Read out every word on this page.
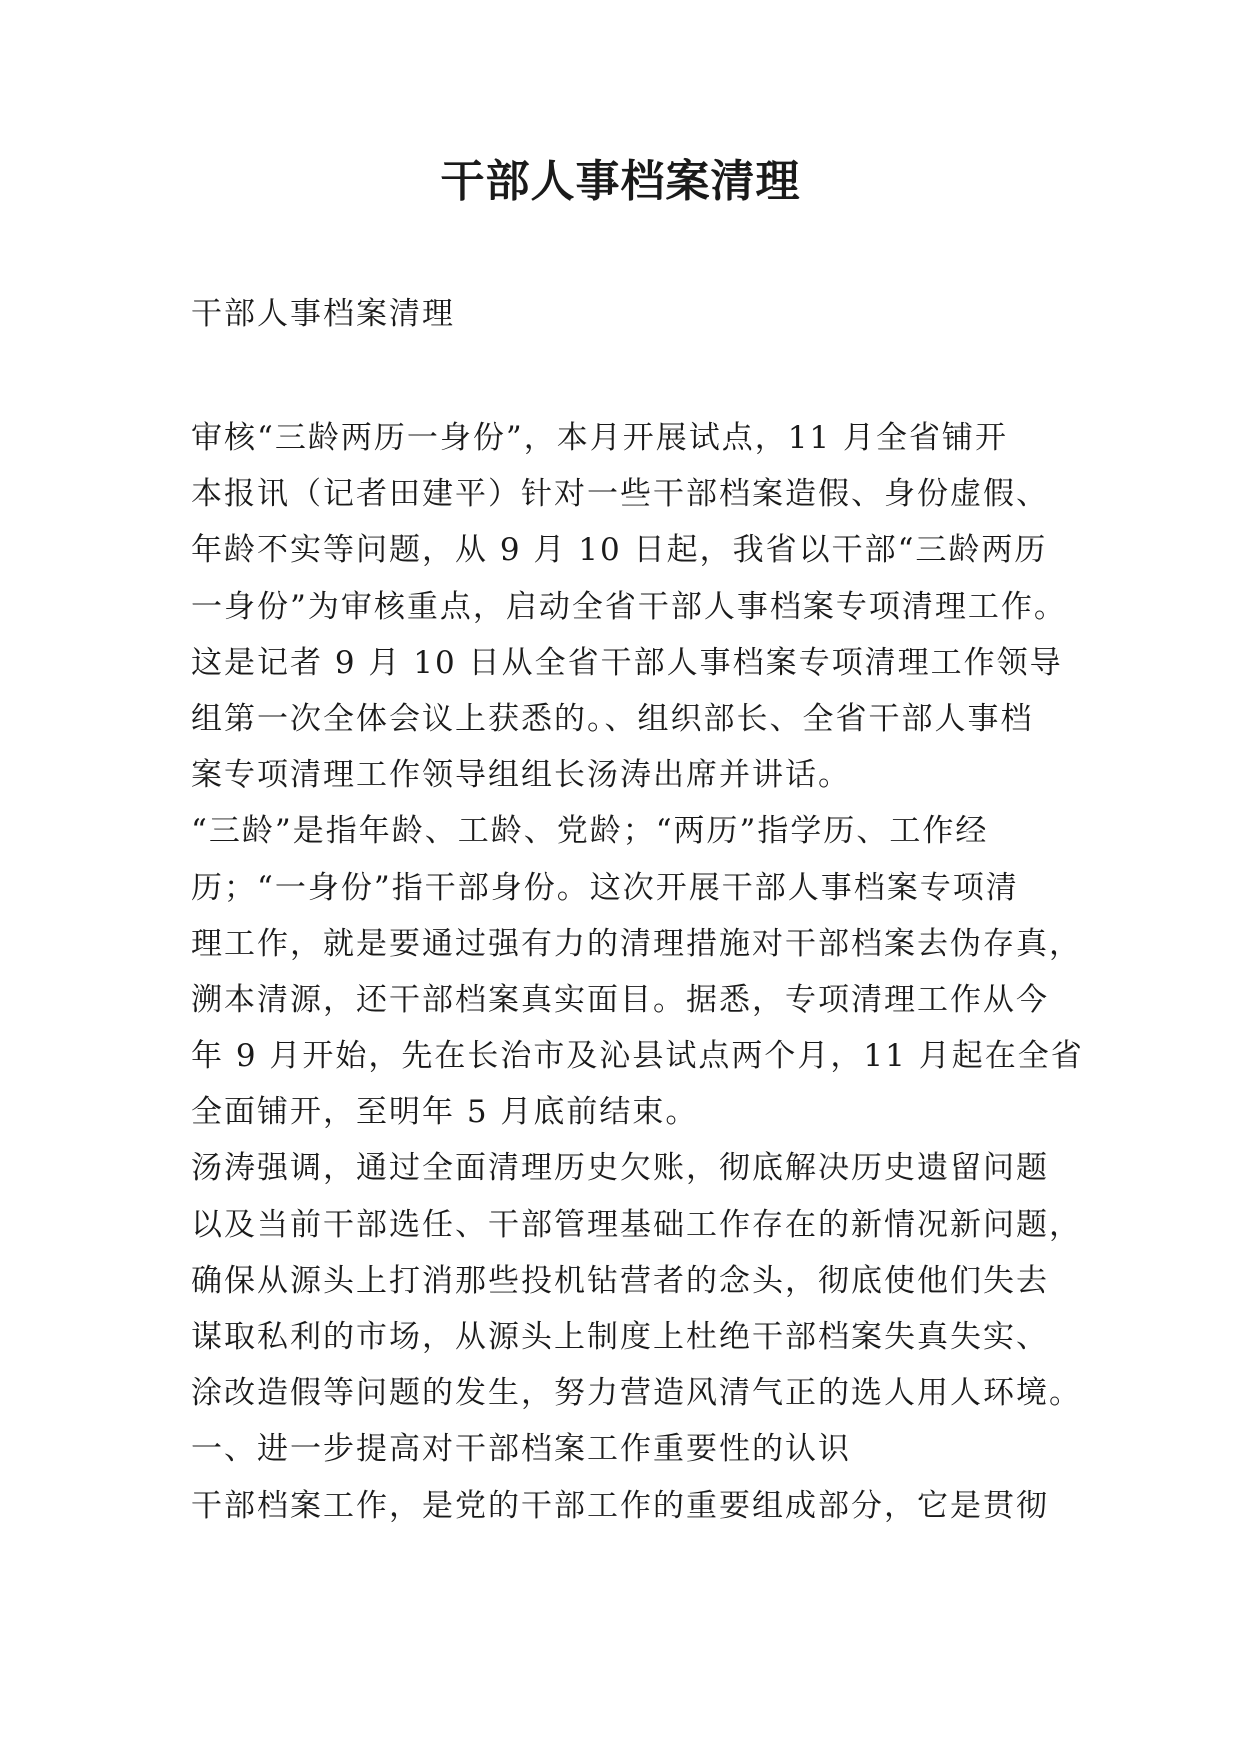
干部人事档案清理
干部人事档案清理
审核“三龄两历一身份”，本月开展试点，11 月全省铺开
本报讯（记者田建平）针对一些干部档案造假、身份虚假、
年龄不实等问题，从 9 月 10 日起，我省以干部“三龄两历
一身份”为审核重点，启动全省干部人事档案专项清理工作。
这是记者 9 月 10 日从全省干部人事档案专项清理工作领导
组第一次全体会议上获悉的。、组织部长、全省干部人事档
案专项清理工作领导组组长汤涛出席并讲话。
“三龄”是指年龄、工龄、党龄；“两历”指学历、工作经
历；“一身份”指干部身份。这次开展干部人事档案专项清
理工作，就是要通过强有力的清理措施对干部档案去伪存真，
溯本清源，还干部档案真实面目。据悉，专项清理工作从今
年 9 月开始，先在长治市及沁县试点两个月，11 月起在全省
全面铺开，至明年 5 月底前结束。
汤涛强调，通过全面清理历史欠账，彻底解决历史遗留问题
以及当前干部选任、干部管理基础工作存在的新情况新问题，
确保从源头上打消那些投机钻营者的念头，彻底使他们失去
谋取私利的市场，从源头上制度上杜绝干部档案失真失实、
涂改造假等问题的发生，努力营造风清气正的选人用人环境。
一、进一步提高对干部档案工作重要性的认识
干部档案工作，是党的干部工作的重要组成部分，它是贯彻
